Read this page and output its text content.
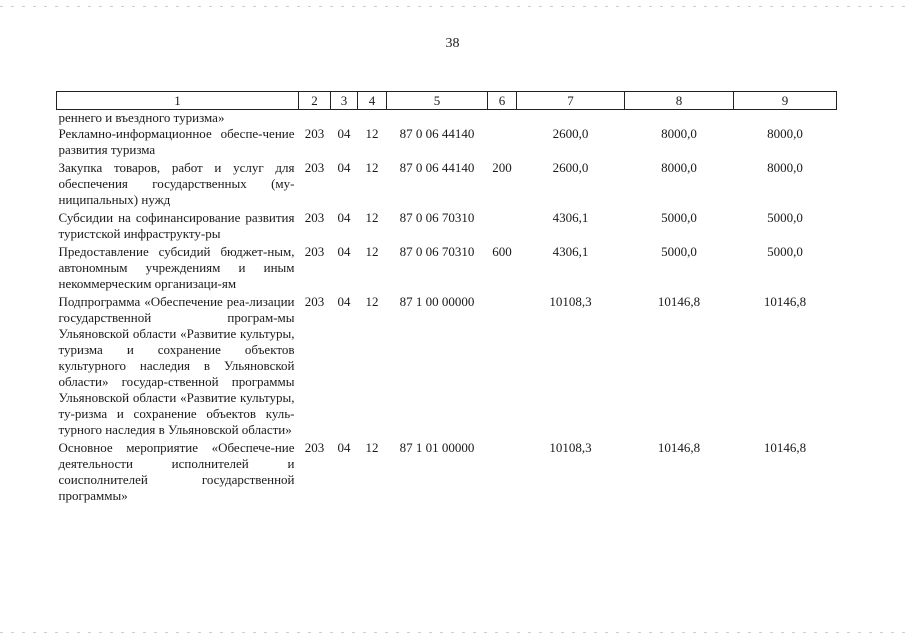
38
1	2	3	4	5	6	7	8	9
реннего и въездного туризма»								
Рекламно-информационное обеспе-чение развития туризма	203	04	12	87 0 06 44140		2600,0	8000,0	8000,0
Закупка товаров, работ и услуг для обеспечения государственных (му-ниципальных) нужд	203	04	12	87 0 06 44140	200	2600,0	8000,0	8000,0
Субсидии на софинансирование развития туристской инфраструкту-ры	203	04	12	87 0 06 70310		4306,1	5000,0	5000,0
Предоставление субсидий бюджет-ным, автономным учреждениям и иным некоммерческим организаци-ям	203	04	12	87 0 06 70310	600	4306,1	5000,0	5000,0
Подпрограмма «Обеспечение реа-лизации государственной програм-мы Ульяновской области «Развитие культуры, туризма и сохранение объектов культурного наследия в Ульяновской области» государ-ственной программы Ульяновской области «Развитие культуры, ту-ризма и сохранение объектов куль-турного наследия в Ульяновской области»	203	04	12	87 1 00 00000		10108,3	10146,8	10146,8
Основное мероприятие «Обеспече-ние деятельности исполнителей и соисполнителей государственной программы»	203	04	12	87 1 01 00000		10108,3	10146,8	10146,8
